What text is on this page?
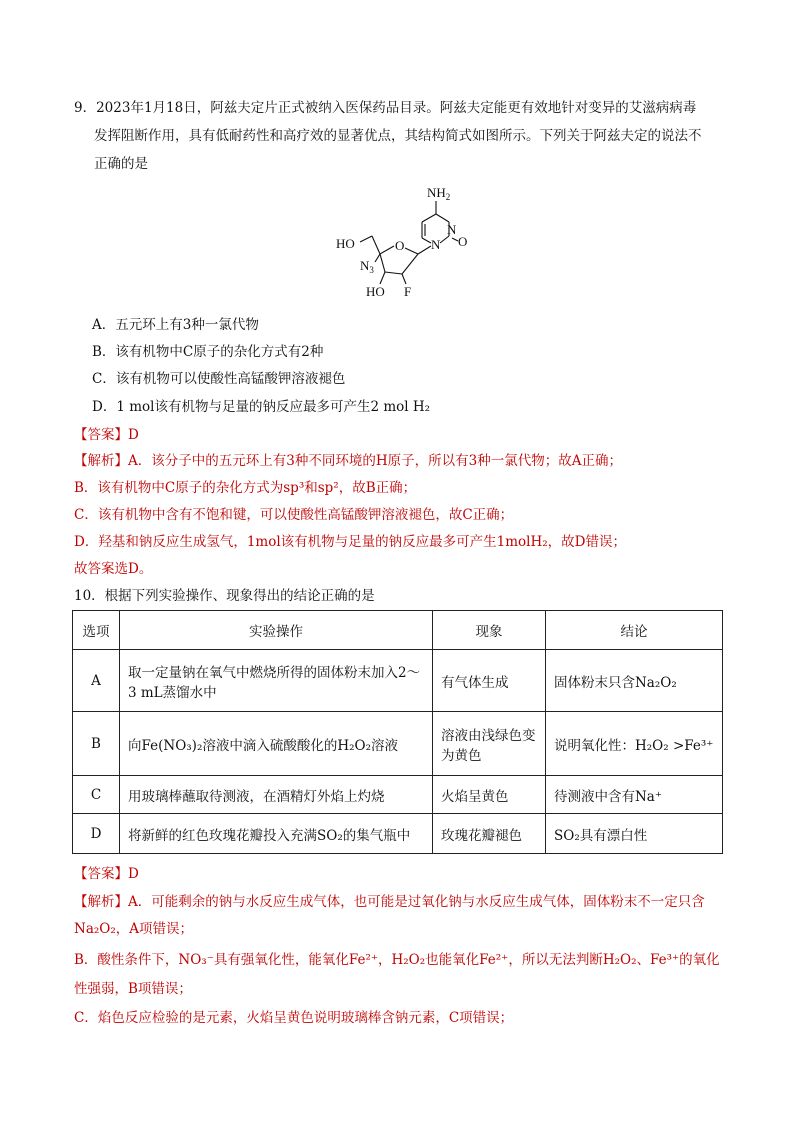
9．2023年1月18日，阿兹夫定片正式被纳入医保药品目录。阿兹夫定能更有效地针对变异的艾滋病病毒
发挥阻断作用，具有低耐药性和高疗效的显著优点，其结构简式如图所示。下列关于阿兹夫定的说法不
正确的是
$NH_2$
N
N O
O
HO
$N_3$
HO F
A．五元环上有3种一氯代物
B．该有机物中C原子的杂化方式有2种
C．该有机物可以使酸性高锰酸钾溶液褪色
D．1 mol该有机物与足量的钠反应最多可产生2 mol H₂
【答案】D
【解析】A．该分子中的五元环上有3种不同环境的H原子，所以有3种一氯代物；故A正确；
B．该有机物中C原子的杂化方式为sp³和sp²，故B正确；
C．该有机物中含有不饱和键，可以使酸性高锰酸钾溶液褪色，故C正确；
D．羟基和钠反应生成氢气，1mol该有机物与足量的钠反应最多可产生1molH₂，故D错误；
故答案选D。
10．根据下列实验操作、现象得出的结论正确的是
选项	实验操作	现象	结论
A	取一定量钠在氧气中燃烧所得的固体粉末加入2～3 mL蒸馏水中	有气体生成	固体粉末只含Na₂O₂
B	向Fe(NO₃)₂溶液中滴入硫酸酸化的H₂O₂溶液	溶液由浅绿色变为黄色	说明氧化性：H₂O₂ >Fe³⁺
C	用玻璃棒蘸取待测液，在酒精灯外焰上灼烧	火焰呈黄色	待测液中含有Na⁺
D	将新鲜的红色玫瑰花瓣投入充满SO₂的集气瓶中	玫瑰花瓣褪色	SO₂具有漂白性
【答案】D
【解析】A．可能剩余的钠与水反应生成气体，也可能是过氧化钠与水反应生成气体，固体粉末不一定只含
Na₂O₂，A项错误；
B．酸性条件下，NO₃⁻具有强氧化性，能氧化Fe²⁺，H₂O₂也能氧化Fe²⁺，所以无法判断H₂O₂、Fe³⁺的氧化
性强弱，B项错误；
C．焰色反应检验的是元素，火焰呈黄色说明玻璃棒含钠元素，C项错误；
